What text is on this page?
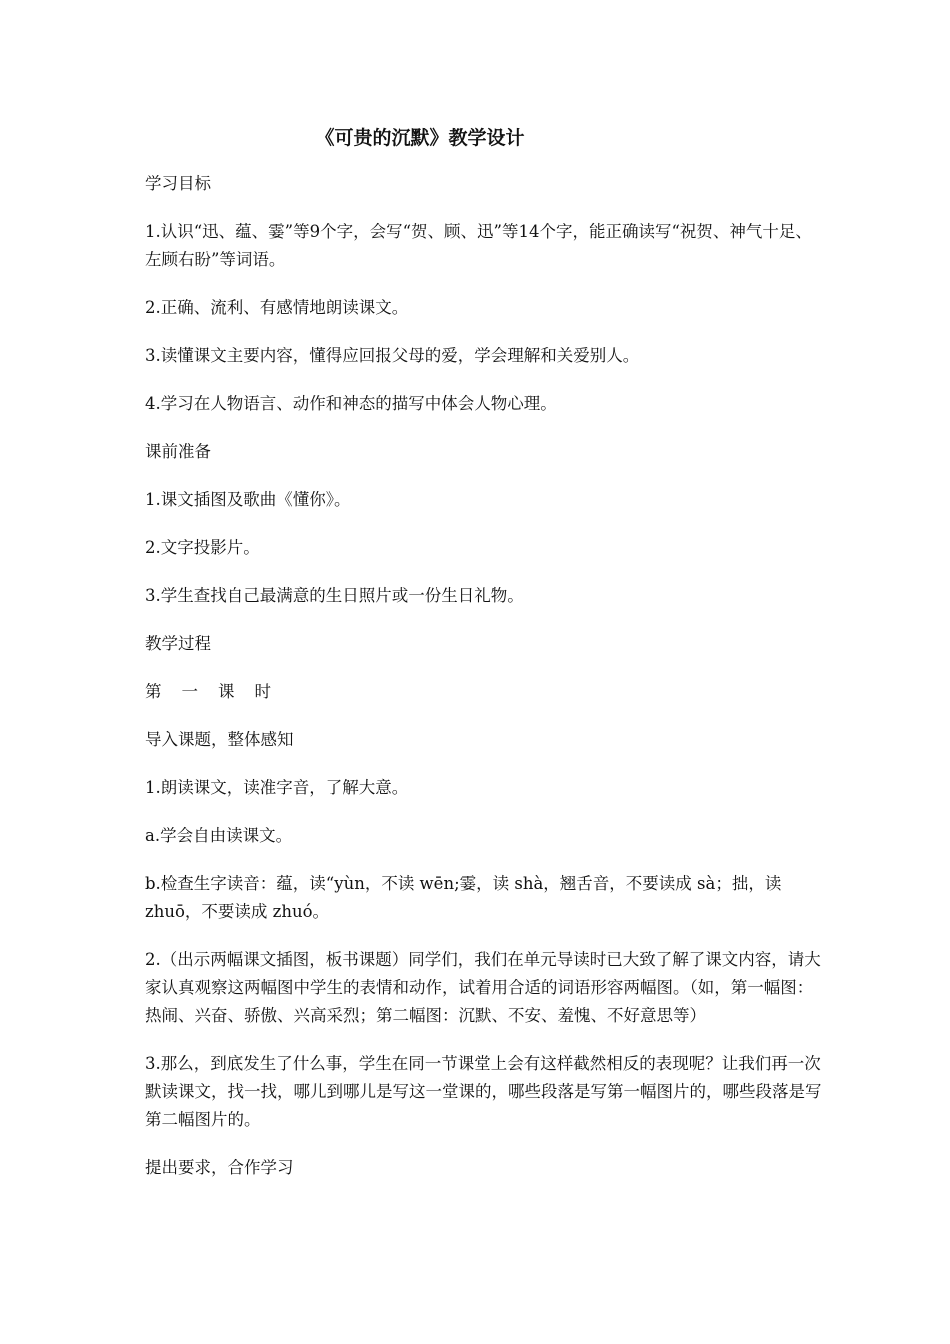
《可贵的沉默》教学设计

学习目标

1.认识“迅、蕴、霎”等9个字，会写“贺、顾、迅”等14个字，能正确读写“祝贺、神气十足、左顾右盼”等词语。

2.正确、流利、有感情地朗读课文。

3.读懂课文主要内容，懂得应回报父母的爱，学会理解和关爱别人。

4.学习在人物语言、动作和神态的描写中体会人物心理。

课前准备

1.课文插图及歌曲《懂你》。

2.文字投影片。

3.学生查找自己最满意的生日照片或一份生日礼物。

教学过程

第一课时

导入课题，整体感知

1.朗读课文，读准字音，了解大意。

a.学会自由读课文。

b.检查生字读音：蕴，读“yùn，不读 wēn;霎，读 shà，翘舌音，不要读成 sà；拙，读 zhuō，不要读成 zhuó。

2.（出示两幅课文插图，板书课题）同学们，我们在单元导读时已大致了解了课文内容，请大家认真观察这两幅图中学生的表情和动作，试着用合适的词语形容两幅图。（如，第一幅图：热闹、兴奋、骄傲、兴高采烈；第二幅图：沉默、不安、羞愧、不好意思等）

3.那么，到底发生了什么事，学生在同一节课堂上会有这样截然相反的表现呢？让我们再一次默读课文，找一找，哪儿到哪儿是写这一堂课的，哪些段落是写第一幅图片的，哪些段落是写第二幅图片的。

提出要求，合作学习
